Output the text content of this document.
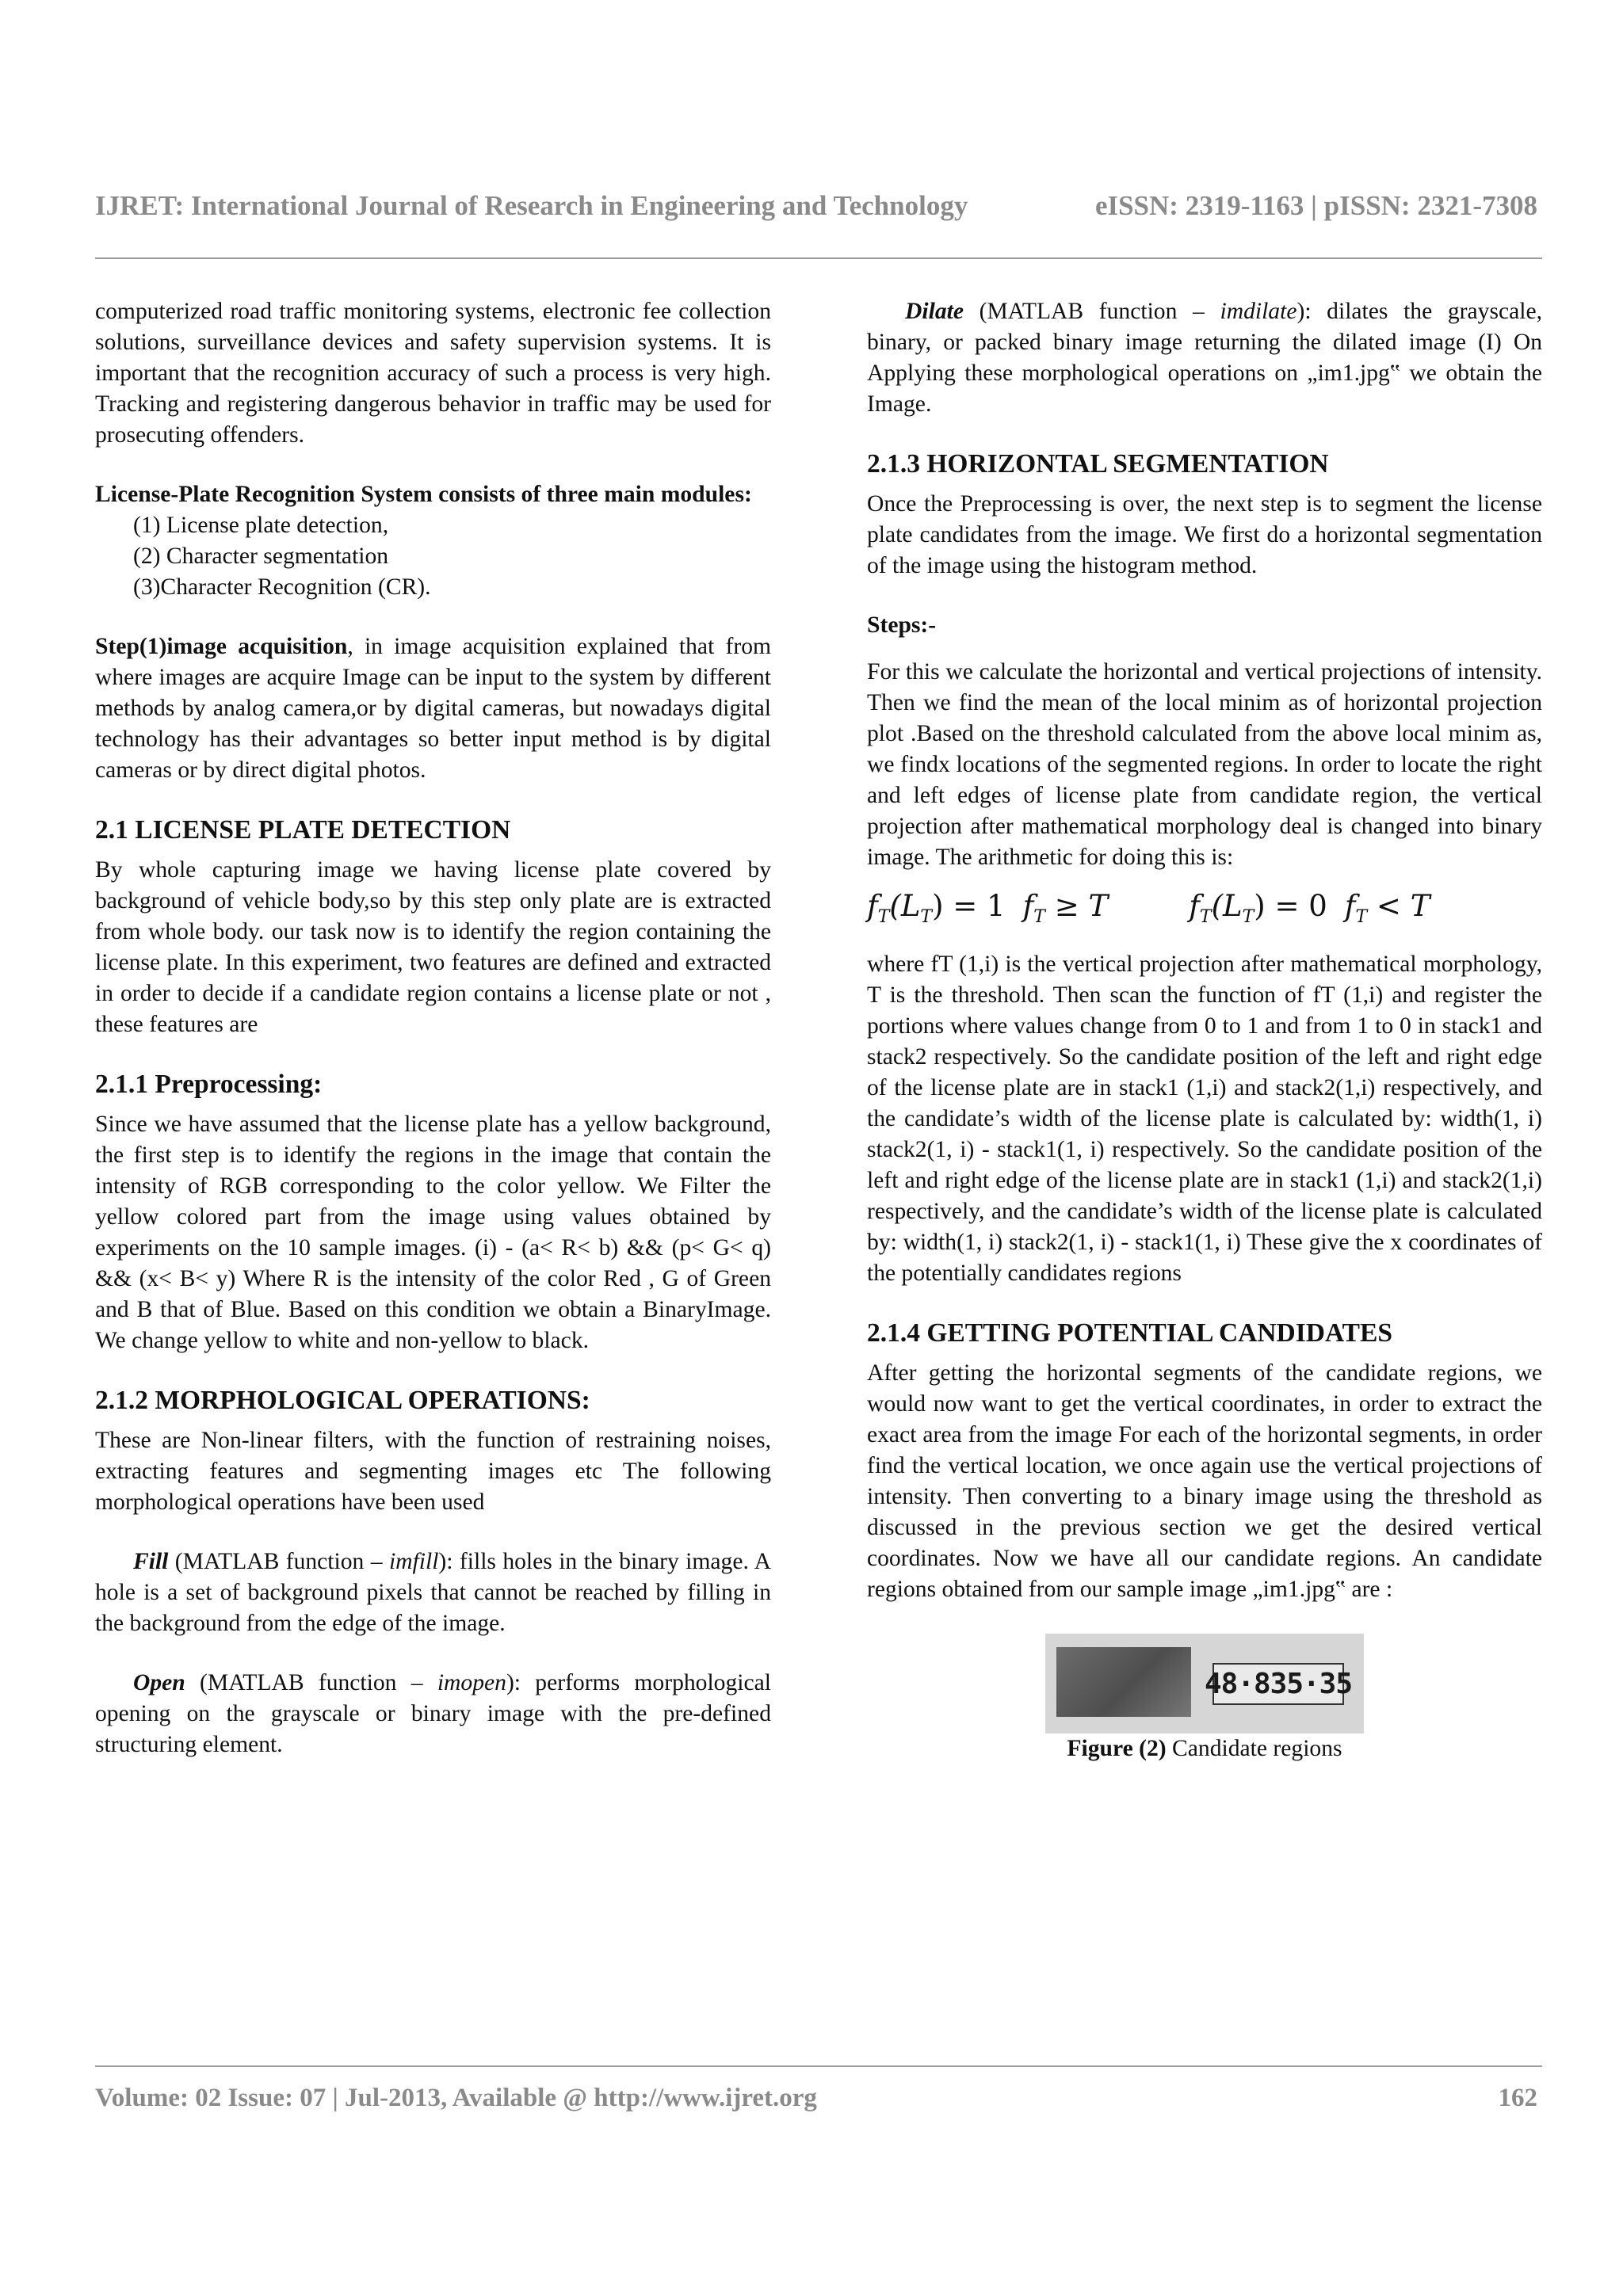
IJRET: International Journal of Research in Engineering and Technology	eISSN: 2319-1163 | pISSN: 2321-7308

computerized road traffic monitoring systems, electronic fee collection solutions, surveillance devices and safety supervision systems. It is important that the recognition accuracy of such a process is very high. Tracking and registering dangerous behavior in traffic may be used for prosecuting offenders.

License-Plate Recognition System consists of three main modules:

(1) License plate detection,

(2) Character segmentation

(3)Character Recognition (CR).

Step(1)image acquisition, in image acquisition explained that from where images are acquire Image can be input to the system by different methods by analog camera,or by digital cameras, but nowadays digital technology has their advantages so better input method is by digital cameras or by direct digital photos.

2.1 LICENSE PLATE DETECTION

By whole capturing image we having license plate covered by background of vehicle body,so by this step only plate are is extracted from whole body. our task now is to identify the region containing the license plate. In this experiment, two features are defined and extracted in order to decide if a candidate region contains a license plate or not , these features are

2.1.1 Preprocessing:

Since we have assumed that the license plate has a yellow background, the first step is to identify the regions in the image that contain the intensity of RGB corresponding to the color yellow. We Filter the yellow colored part from the image using values obtained by experiments on the 10 sample images. (i) - (a< R< b) && (p< G< q) && (x< B< y) Where R is the intensity of the color Red , G of Green and B that of Blue. Based on this condition we obtain a BinaryImage. We change yellow to white and non-yellow to black.

2.1.2 MORPHOLOGICAL OPERATIONS:

These are Non-linear filters, with the function of restraining noises, extracting features and segmenting images etc The following morphological operations have been used

Fill (MATLAB function – imfill): fills holes in the binary image. A hole is a set of background pixels that cannot be reached by filling in the background from the edge of the image.

Open (MATLAB function – imopen): performs morphological opening on the grayscale or binary image with the pre-defined structuring element.

Dilate (MATLAB function – imdilate): dilates the grayscale, binary, or packed binary image returning the dilated image (I) On Applying these morphological operations on „im1.jpg‟ we obtain the Image.

2.1.3 HORIZONTAL SEGMENTATION

Once the Preprocessing is over, the next step is to segment the license plate candidates from the image. We first do a horizontal segmentation of the image using the histogram method.

Steps:-

For this we calculate the horizontal and vertical projections of intensity. Then we find the mean of the local minim as of horizontal projection plot .Based on the threshold calculated from the above local minim as, we findx locations of the segmented regions. In order to locate the right and left edges of license plate from candidate region, the vertical projection after mathematical morphology deal is changed into binary image. The arithmetic for doing this is:

$f_T(L_T) = 1$ $f_T \ge T$	$f_T(L_T) = 0$ $f_T < T$

where fT (1,i) is the vertical projection after mathematical morphology, T is the threshold. Then scan the function of fT (1,i) and register the portions where values change from 0 to 1 and from 1 to 0 in stack1 and stack2 respectively. So the candidate position of the left and right edge of the license plate are in stack1 (1,i) and stack2(1,i) respectively, and the candidate’s width of the license plate is calculated by: width(1, i) stack2(1, i) - stack1(1, i) respectively. So the candidate position of the left and right edge of the license plate are in stack1 (1,i) and stack2(1,i) respectively, and the candidate’s width of the license plate is calculated by: width(1, i) stack2(1, i) - stack1(1, i) These give the x coordinates of the potentially candidates regions

2.1.4 GETTING POTENTIAL CANDIDATES

After getting the horizontal segments of the candidate regions, we would now want to get the vertical coordinates, in order to extract the exact area from the image For each of the horizontal segments, in order find the vertical location, we once again use the vertical projections of intensity. Then converting to a binary image using the threshold as discussed in the previous section we get the desired vertical coordinates. Now we have all our candidate regions. An candidate regions obtained from our sample image „im1.jpg‟ are :

48·835·35

Figure (2) Candidate regions

Volume: 02 Issue: 07 | Jul-2013, Available @ http://www.ijret.org	162
